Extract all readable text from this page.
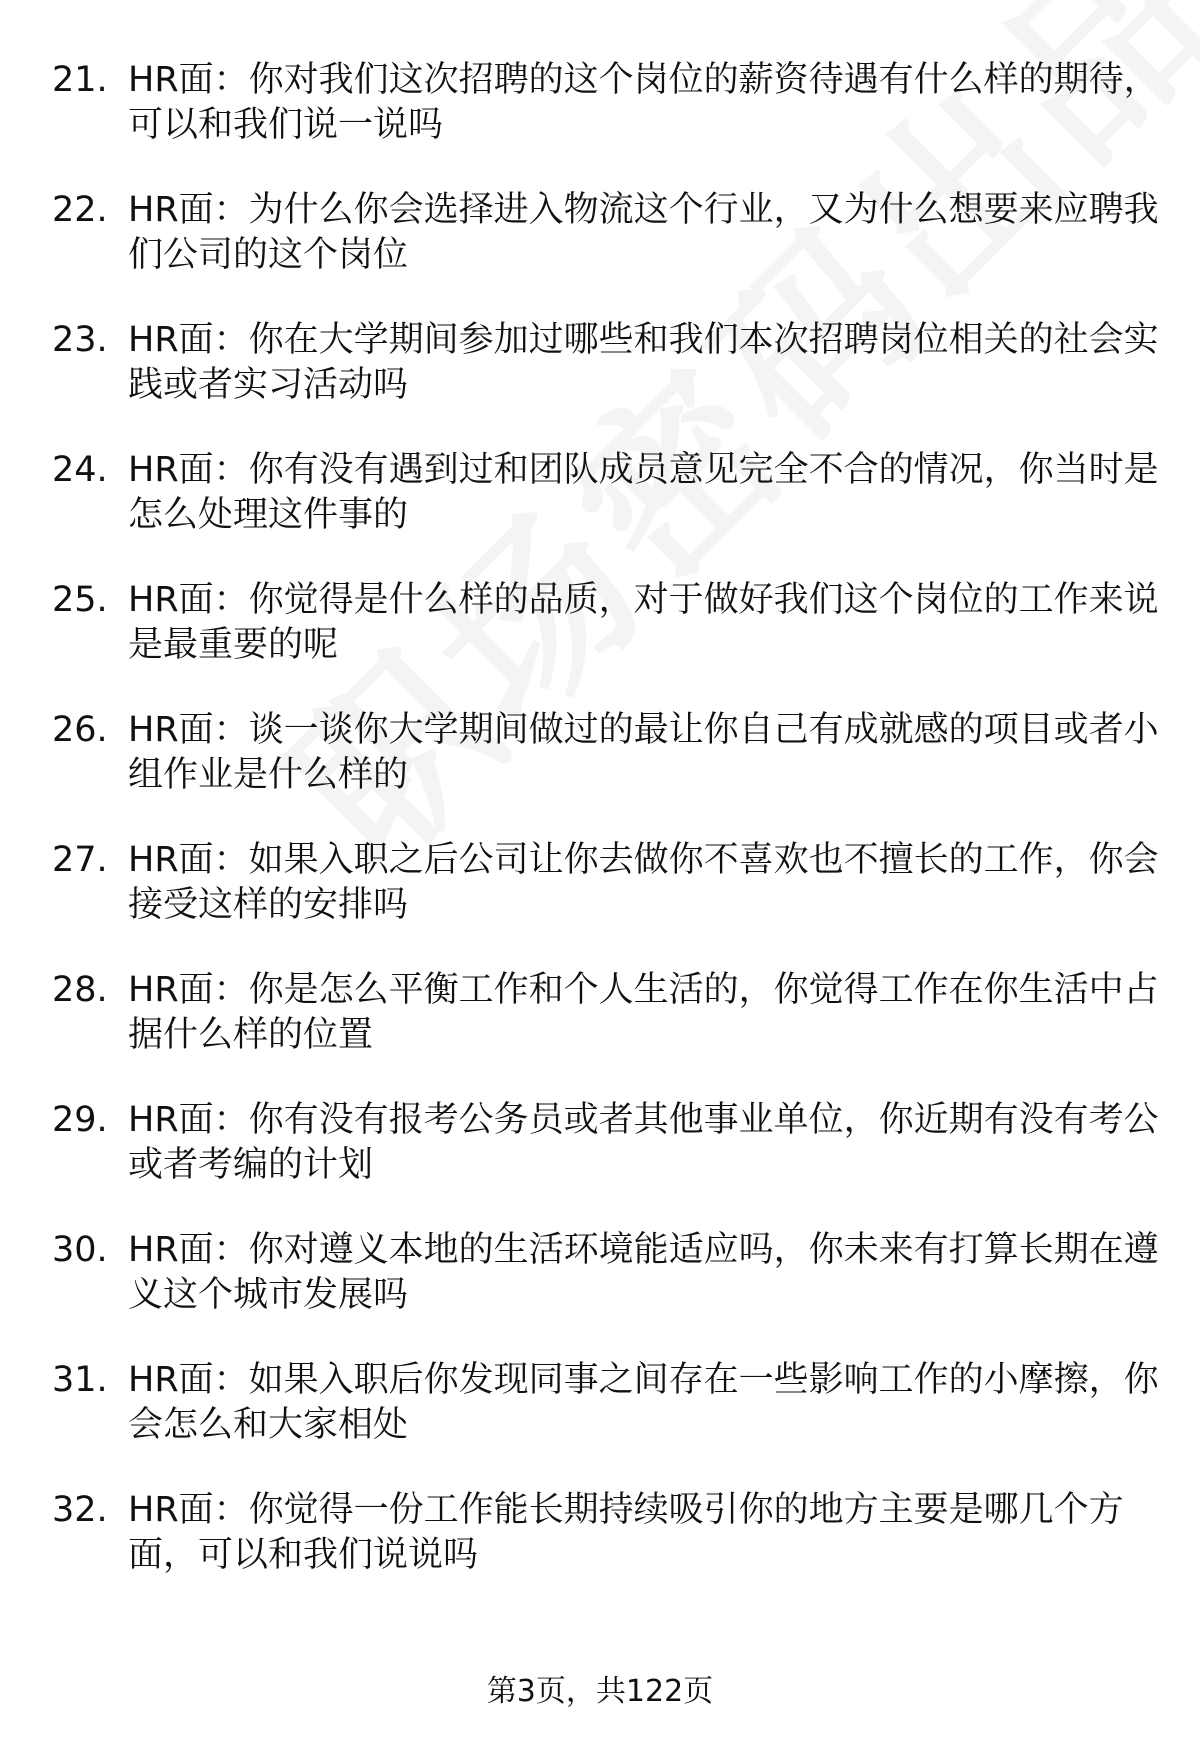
21. HR面：你对我们这次招聘的这个岗位的薪资待遇有什么样的期待，可以和我们说一说吗
22. HR面：为什么你会选择进入物流这个行业，又为什么想要来应聘我们公司的这个岗位
23. HR面：你在大学期间参加过哪些和我们本次招聘岗位相关的社会实践或者实习活动吗
24. HR面：你有没有遇到过和团队成员意见完全不合的情况，你当时是怎么处理这件事的
25. HR面：你觉得是什么样的品质，对于做好我们这个岗位的工作来说是最重要的呢
26. HR面：谈一谈你大学期间做过的最让你自己有成就感的项目或者小组作业是什么样的
27. HR面：如果入职之后公司让你去做你不喜欢也不擅长的工作，你会接受这样的安排吗
28. HR面：你是怎么平衡工作和个人生活的，你觉得工作在你生活中占据什么样的位置
29. HR面：你有没有报考公务员或者其他事业单位，你近期有没有考公或者考编的计划
30. HR面：你对遵义本地的生活环境能适应吗，你未来有打算长期在遵义这个城市发展吗
31. HR面：如果入职后你发现同事之间存在一些影响工作的小摩擦，你会怎么和大家相处
32. HR面：你觉得一份工作能长期持续吸引你的地方主要是哪几个方面，可以和我们说说吗
第3页，共122页
